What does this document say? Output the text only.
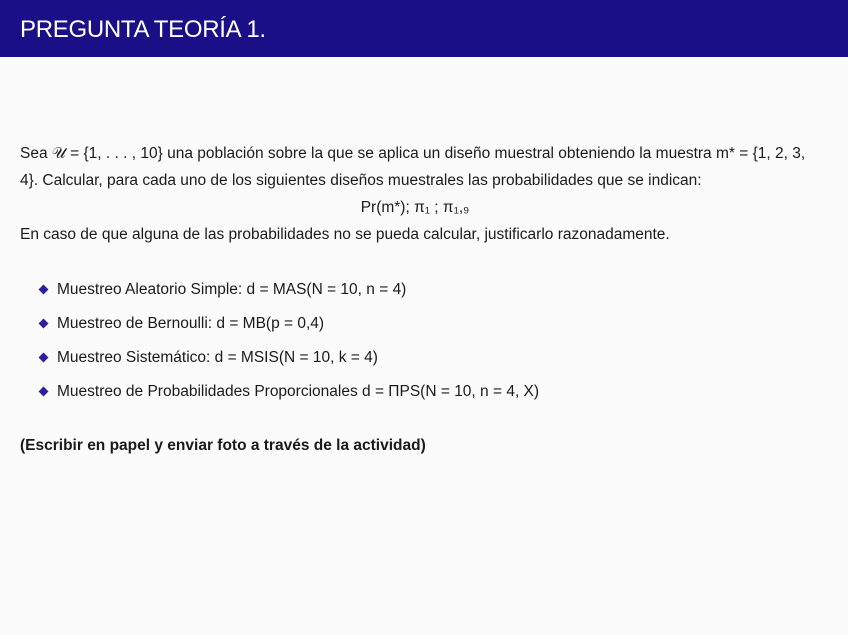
PREGUNTA TEORÍA 1.

Sea 𝒰 = {1, . . . , 10} una población sobre la que se aplica un diseño muestral obteniendo la muestra m* = {1, 2, 3, 4}. Calcular, para cada uno de los siguientes diseños muestrales las probabilidades que se indican:

Pr(m*); π₁ ; π₁,₉

En caso de que alguna de las probabilidades no se pueda calcular, justificarlo razonadamente.

Muestreo Aleatorio Simple: d = MAS(N = 10, n = 4)
Muestreo de Bernoulli: d = MB(p = 0,4)
Muestreo Sistemático: d = MSIS(N = 10, k = 4)
Muestreo de Probabilidades Proporcionales d = ΠPS(N = 10, n = 4, X)

(Escribir en papel y enviar foto a través de la actividad)
